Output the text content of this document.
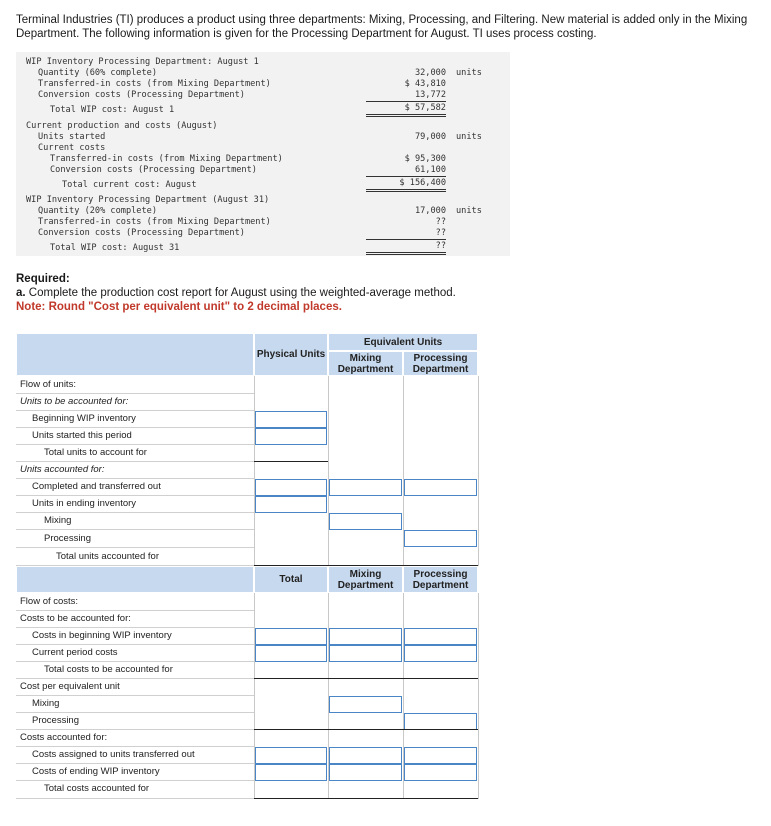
Terminal Industries (TI) produces a product using three departments: Mixing, Processing, and Filtering. New material is added only in the Mixing Department. The following information is given for the Processing Department for August. TI uses process costing.
WIP Inventory Processing Department: August 1
Quantity (60% complete)
Transferred-in costs (from Mixing Department)
Conversion costs (Processing Department)
Total WIP cost: August 1
Current production and costs (August)
Units started
Current costs
Transferred-in costs (from Mixing Department)
Conversion costs (Processing Department)
Total current cost: August
WIP Inventory Processing Department (August 31)
Quantity (20% complete)
Transferred-in costs (from Mixing Department)
Conversion costs (Processing Department)
Total WIP cost: August 31
32,000 units
$ 43,810
13,772
$ 57,582
79,000 units
$ 95,300
61,100
$ 156,400
17,000 units
??
??
??
Required:
a. Complete the production cost report for August using the weighted-average method.
Note: Round "Cost per equivalent unit" to 2 decimal places.
Physical Units
Equivalent Units
Mixing Department
Processing Department
Flow of units:
Units to be accounted for:
Beginning WIP inventory
Units started this period
Total units to account for
Units accounted for:
Completed and transferred out
Units in ending inventory
Mixing
Processing
Total units accounted for
Total	Mixing Department
Processing Department
Flow of costs:
Costs to be accounted for:
Costs in beginning WIP inventory
Current period costs
Total costs to be accounted for
Cost per equivalent unit
Mixing
Processing
Costs accounted for:
Costs assigned to units transferred out
Costs of ending WIP inventory
Total costs accounted for
